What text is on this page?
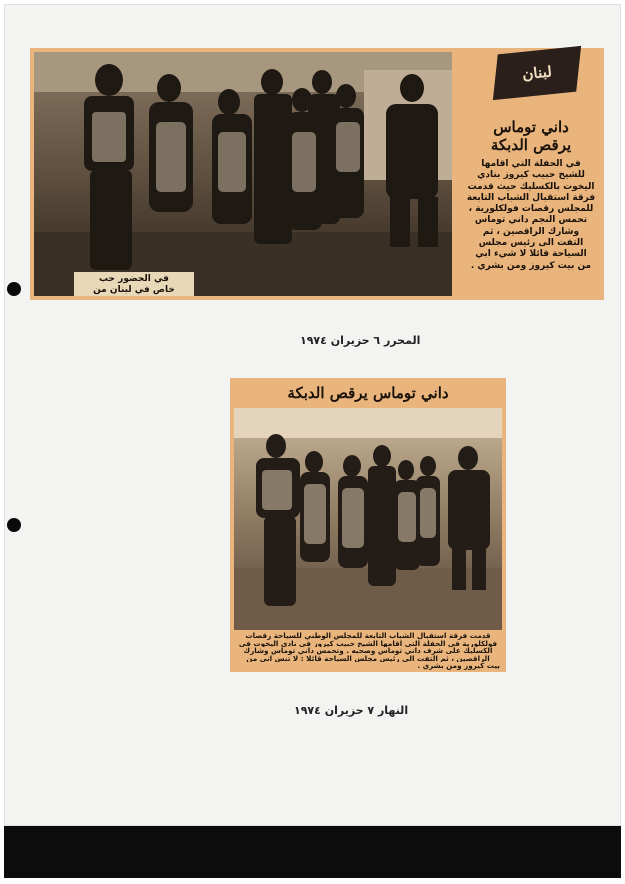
في الحضور حب
خاص في لبنان من
لبنان
داني توماس
يرقص الدبكة
في الحفلة التي اقامها
للشيخ حبيب كيروز بنادي
اليخوت بالكسليك حيث قدمت
فرقة استقبال الشباب التابعة
للمجلس رقصات فولكلورية ،
تحمس النجم داني توماس
وشارك الراقصين ، ثم
التفت الى رئيس مجلس
السياحة قائلا لا شيء ابي
من بيت كيروز ومن بشري .
المحرر ٦ حزيران ١٩٧٤
داني توماس يرقص الدبكة
قدمت فرقة استقبال الشباب التابعة للمجلس الوطني للسياحة رقصات
فولكلورية في الحفلة التي اقامها الشيخ حبيب كيروز في نادي اليخوت في
الكسليك على شرف داني توماس وصحبه . وتحمس داني توماس وشارك
الراقصين ، ثم التفت الى رئيس مجلس السياحة قائلا : لا تنس اني من
بيت كيروز ومن بشري .
النهار ٧ حزيران ١٩٧٤
